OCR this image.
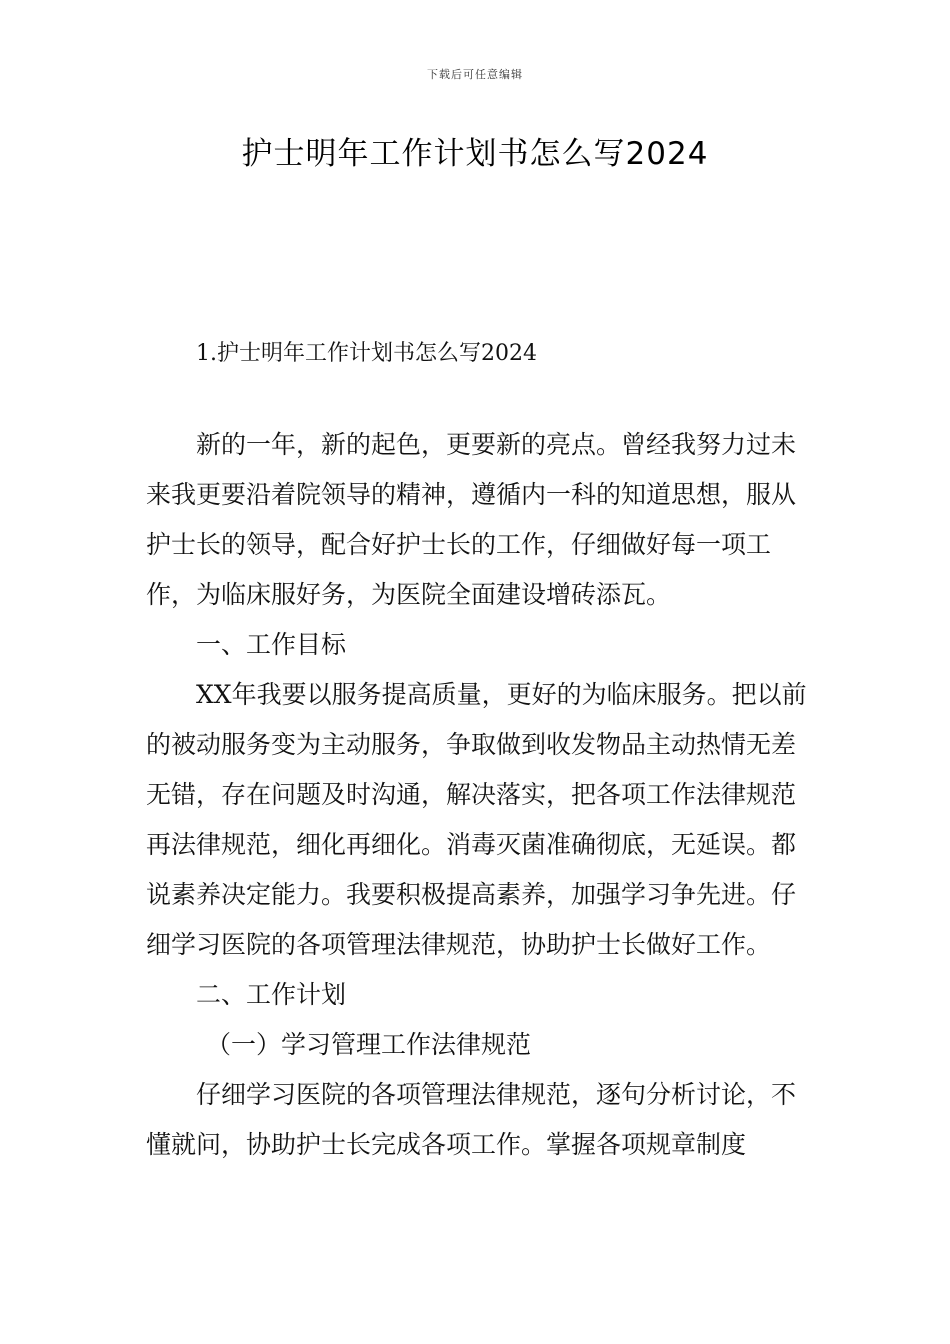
下载后可任意编辑
护士明年工作计划书怎么写2024
1.护士明年工作计划书怎么写2024

新的一年，新的起色，更要新的亮点。曾经我努力过未来我更要沿着院领导的精神，遵循内一科的知道思想，服从护士长的领导，配合好护士长的工作，仔细做好每一项工作，为临床服好务，为医院全面建设增砖添瓦。

一、工作目标

XX年我要以服务提高质量，更好的为临床服务。把以前的被动服务变为主动服务，争取做到收发物品主动热情无差无错，存在问题及时沟通，解决落实，把各项工作法律规范再法律规范，细化再细化。消毒灭菌准确彻底，无延误。都说素养决定能力。我要积极提高素养，加强学习争先进。仔细学习医院的各项管理法律规范，协助护士长做好工作。

二、工作计划

（一）学习管理工作法律规范

仔细学习医院的各项管理法律规范，逐句分析讨论，不懂就问，协助护士长完成各项工作。掌握各项规章制度
